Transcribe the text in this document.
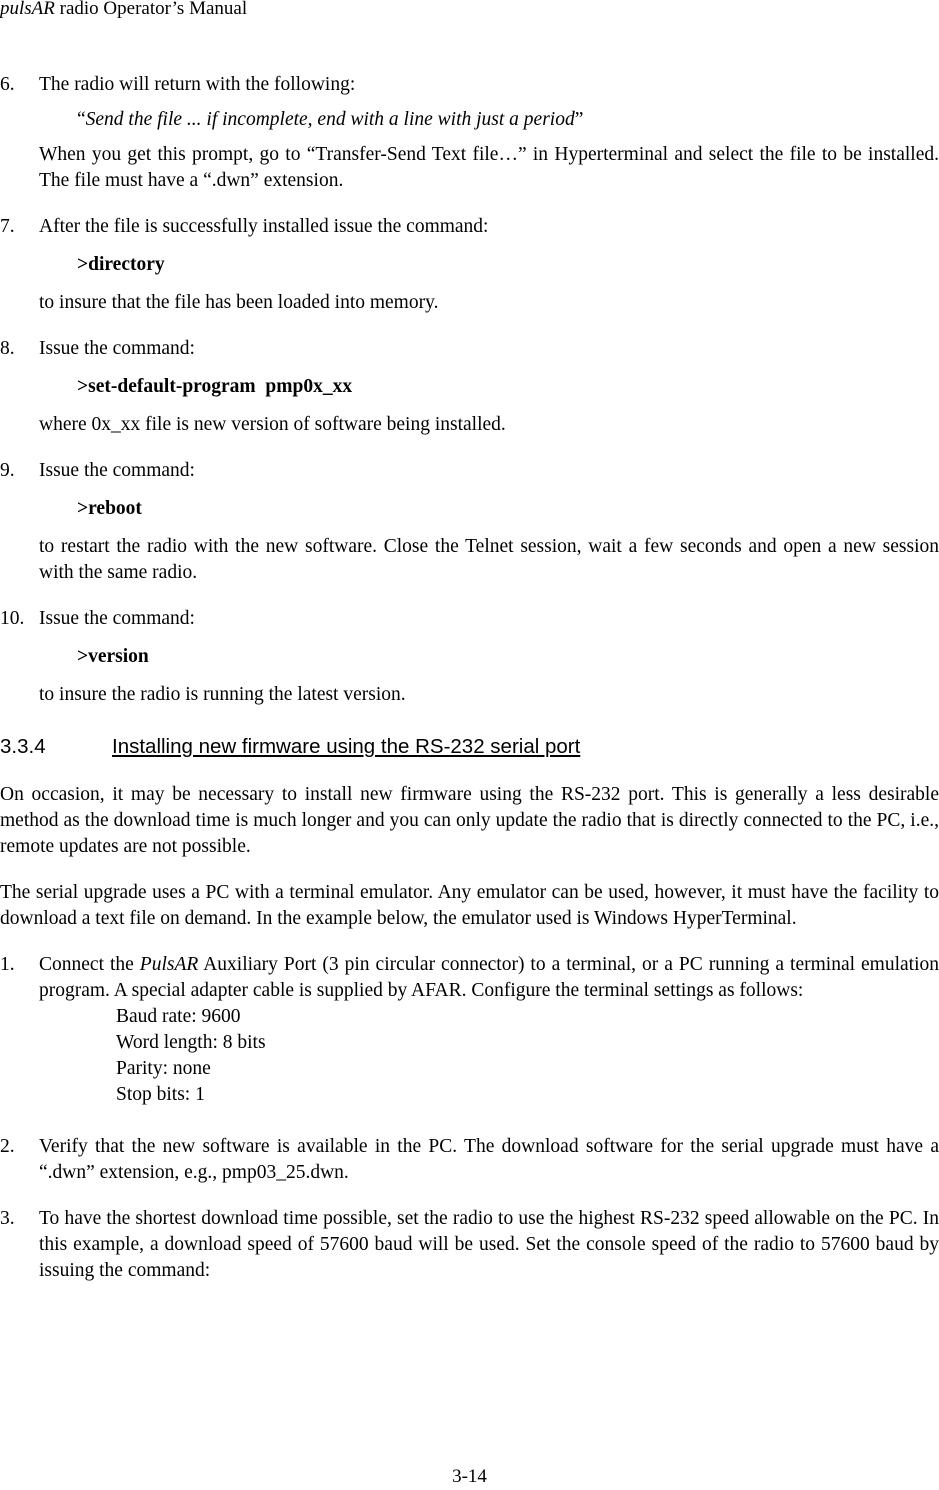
pulsAR radio Operator’s Manual
6. The radio will return with the following:
“Send the file ... if incomplete, end with a line with just a period”
When you get this prompt, go to “Transfer-Send Text file…” in Hyperterminal and select the file to be installed. The file must have a “.dwn” extension.
7. After the file is successfully installed issue the command:
>directory
to insure that the file has been loaded into memory.
8. Issue the command:
>set-default-program  pmp0x_xx
where 0x_xx file is new version of software being installed.
9. Issue the command:
>reboot
to restart the radio with the new software. Close the Telnet session, wait a few seconds and open a new session with the same radio.
10. Issue the command:
>version
to insure the radio is running the latest version.
3.3.4	Installing new firmware using the RS-232 serial port
On occasion, it may be necessary to install new firmware using the RS-232 port. This is generally a less desirable method as the download time is much longer and you can only update the radio that is directly connected to the PC, i.e., remote updates are not possible.
The serial upgrade uses a PC with a terminal emulator. Any emulator can be used, however, it must have the facility to download a text file on demand. In the example below, the emulator used is Windows HyperTerminal.
1. Connect the PulsAR Auxiliary Port (3 pin circular connector) to a terminal, or a PC running a terminal emulation program. A special adapter cable is supplied by AFAR. Configure the terminal settings as follows:
Baud rate: 9600
Word length: 8 bits
Parity: none
Stop bits: 1
2. Verify that the new software is available in the PC. The download software for the serial upgrade must have a “.dwn” extension, e.g., pmp03_25.dwn.
3. To have the shortest download time possible, set the radio to use the highest RS-232 speed allowable on the PC. In this example, a download speed of 57600 baud will be used. Set the console speed of the radio to 57600 baud by issuing the command:
3-14
